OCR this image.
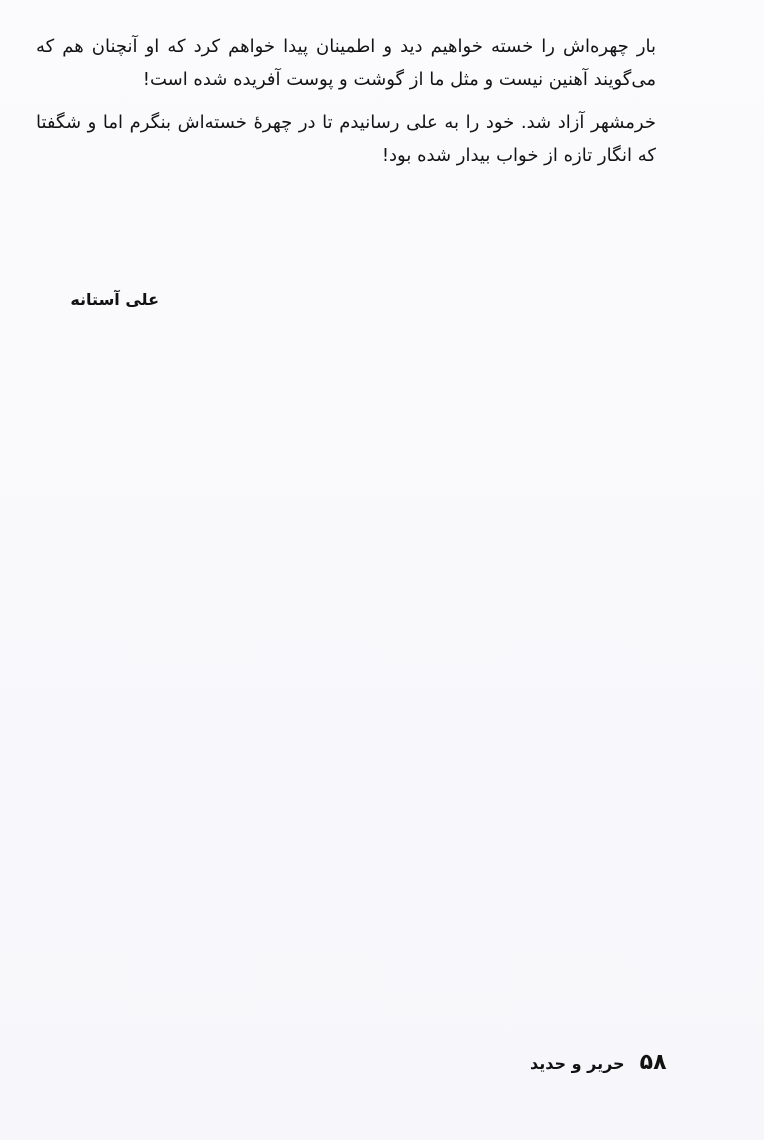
بار چهره‌اش را خسته خواهیم دید و اطمینان پیدا خواهم کرد که او آنچنان هم که می‌گویند آهنین نیست و مثل ما از گوشت و پوست آفریده شده است!

خرمشهر آزاد شد. خود را به علی رسانیدم تا در چهرهٔ خسته‌اش بنگرم اما و شگفتا که انگار تازه از خواب بیدار شده بود!

علی آستانه
۵۸ حریر و حدید
